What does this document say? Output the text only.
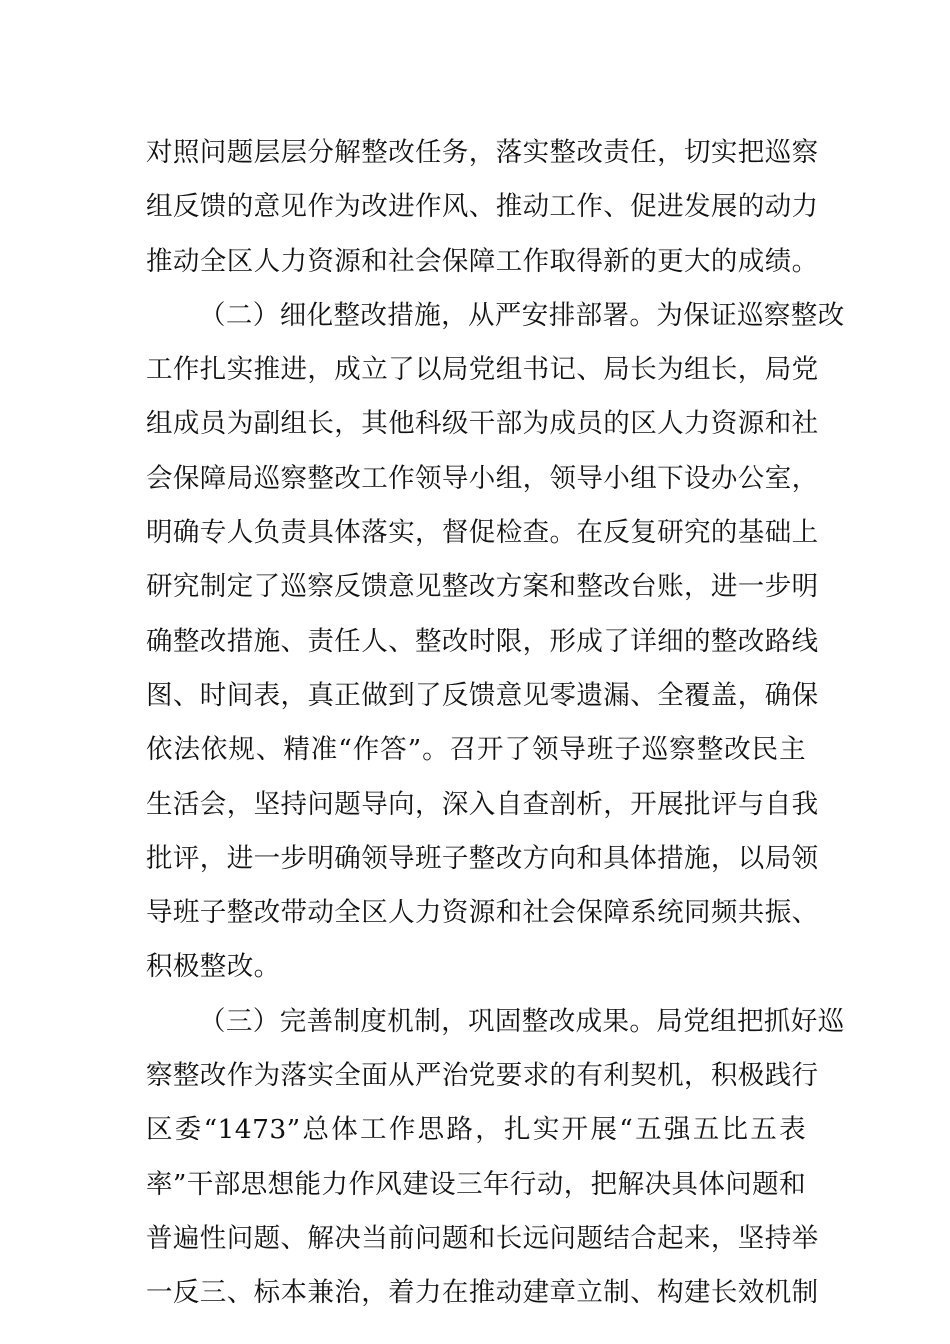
对照问题层层分解整改任务，落实整改责任，切实把巡察
组反馈的意见作为改进作风、推动工作、促进发展的动力
推动全区人力资源和社会保障工作取得新的更大的成绩。
（二）细化整改措施，从严安排部署。为保证巡察整改
工作扎实推进，成立了以局党组书记、局长为组长，局党
组成员为副组长，其他科级干部为成员的区人力资源和社
会保障局巡察整改工作领导小组，领导小组下设办公室，
明确专人负责具体落实，督促检查。在反复研究的基础上
研究制定了巡察反馈意见整改方案和整改台账，进一步明
确整改措施、责任人、整改时限，形成了详细的整改路线
图、时间表，真正做到了反馈意见零遗漏、全覆盖，确保
依法依规、精准“作答”。召开了领导班子巡察整改民主
生活会，坚持问题导向，深入自查剖析，开展批评与自我
批评，进一步明确领导班子整改方向和具体措施，以局领
导班子整改带动全区人力资源和社会保障系统同频共振、
积极整改。
（三）完善制度机制，巩固整改成果。局党组把抓好巡
察整改作为落实全面从严治党要求的有利契机，积极践行
区委“1473”总体工作思路，扎实开展“五强五比五表
率”干部思想能力作风建设三年行动，把解决具体问题和
普遍性问题、解决当前问题和长远问题结合起来，坚持举
一反三、标本兼治，着力在推动建章立制、构建长效机制
